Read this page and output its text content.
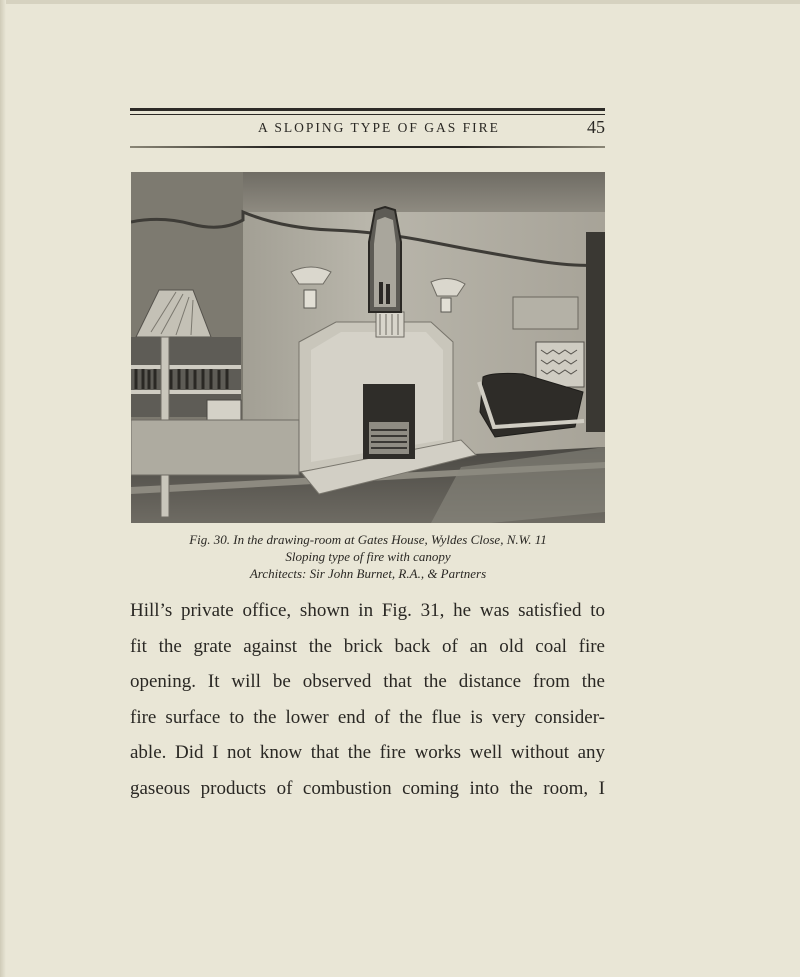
A SLOPING TYPE OF GAS FIRE	45
Fig. 30. In the drawing-room at Gates House, Wyldes Close, N.W. 11
Sloping type of fire with canopy
Architects: Sir John Burnet, R.A., & Partners
Hill’s private office, shown in Fig. 31, he was satisfied to
fit the grate against the brick back of an old coal fire
opening. It will be observed that the distance from the
fire surface to the lower end of the flue is very consider-
able. Did I not know that the fire works well without any
gaseous products of combustion coming into the room, I
